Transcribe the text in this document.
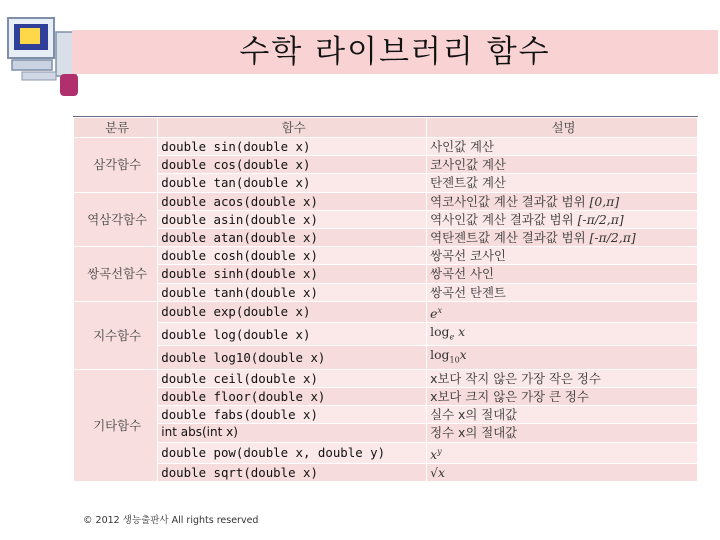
수학 라이브러리 함수
분류	함수	설명
삼각함수	double sin(double x)	사인값 계산
	double cos(double x)	코사인값 계산
	double tan(double x)	탄젠트값 계산
역삼각함수	double acos(double x)	역코사인값 계산 결과값 범위 [0,π]
	double asin(double x)	역사인값 계산 결과값 범위 [-π/2,π]
	double atan(double x)	역탄젠트값 계산 결과값 범위 [-π/2,π]
쌍곡선함수	double cosh(double x)	쌍곡선 코사인
	double sinh(double x)	쌍곡선 사인
	double tanh(double x)	쌍곡선 탄젠트
지수함수	double exp(double x)	$e^x$
	double log(double x)	$\log_e x$
	double log10(double x)	$\log_{10}x$
기타함수	double ceil(double x)	x보다 작지 않은 가장 작은 정수
	double floor(double x)	x보다 크지 않은 가장 큰 정수
	double fabs(double x)	실수 x의 절대값
	int abs(int x)	정수 x의 절대값
	double pow(double x, double y)	$x^y$
	double sqrt(double x)	√x
© 2012 생능출판사 All rights reserved
